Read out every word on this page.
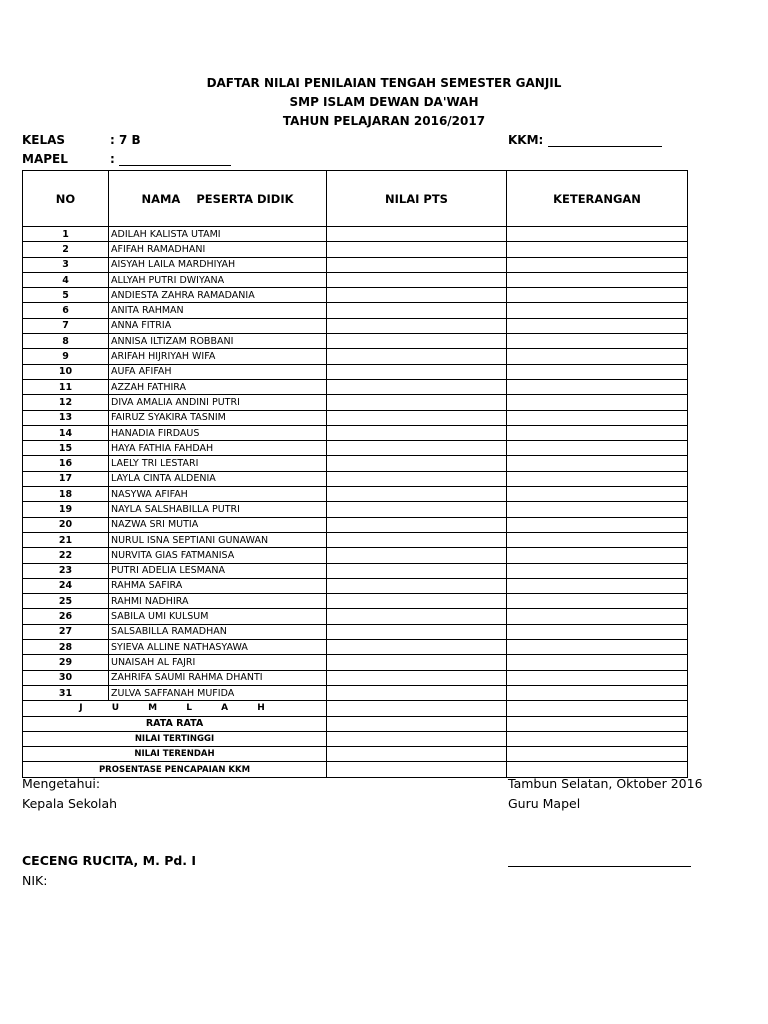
DAFTAR NILAI PENILAIAN TENGAH SEMESTER GANJIL
SMP ISLAM DEWAN DA'WAH
TAHUN PELAJARAN 2016/2017
KELAS	: 7 B
MAPEL	:
KKM:
NO	NAMA    PESERTA DIDIK	NILAI PTS	KETERANGAN
1	ADILAH KALISTA UTAMI		
2	AFIFAH RAMADHANI		
3	AISYAH LAILA MARDHIYAH		
4	ALLYAH PUTRI DWIYANA		
5	ANDIESTA ZAHRA RAMADANIA		
6	ANITA RAHMAN		
7	ANNA FITRIA		
8	ANNISA ILTIZAM ROBBANI		
9	ARIFAH HIJRIYAH WIFA		
10	AUFA AFIFAH		
11	AZZAH FATHIRA		
12	DIVA AMALIA ANDINI PUTRI		
13	FAIRUZ SYAKIRA TASNIM		
14	HANADIA FIRDAUS		
15	HAYA FATHIA FAHDAH		
16	LAELY TRI LESTARI		
17	LAYLA CINTA ALDENIA		
18	NASYWA AFIFAH		
19	NAYLA SALSHABILLA PUTRI		
20	NAZWA SRI MUTIA		
21	NURUL ISNA SEPTIANI GUNAWAN		
22	NURVITA GIAS FATMANISA		
23	PUTRI ADELIA LESMANA		
24	RAHMA SAFIRA		
25	RAHMI NADHIRA		
26	SABILA UMI KULSUM		
27	SALSABILLA RAMADHAN		
28	SYIEVA ALLINE NATHASYAWA		
29	UNAISAH AL FAJRI		
30	ZAHRIFA SAUMI RAHMA DHANTI		
31	ZULVA SAFFANAH MUFIDA		
J U M L A H			
RATA RATA			
NILAI TERTINGGI			
NILAI TERENDAH			
PROSENTASE PENCAPAIAN KKM			
Mengetahui:
Kepala Sekolah
Tambun Selatan, Oktober 2016
Guru Mapel
CECENG RUCITA, M. Pd. I
NIK:
